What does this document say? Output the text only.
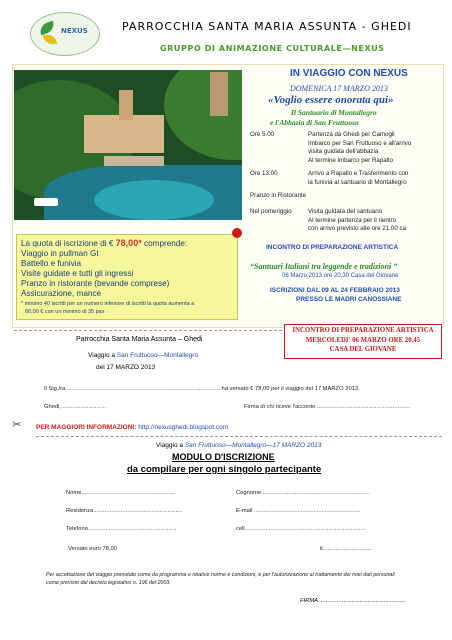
NEXUS	PARROCCHIA SANTA MARIA ASSUNTA - GHEDI
GRUPPO DI ANIMAZIONE CULTURALE—NEXUS
IN VIAGGIO CON NEXUS
DOMENICA 17 MARZO 2013
«Voglio essere onorata qui»
Il Santuario di Montallegro
e l'Abbazia di San Fruttuoso
Ore 5.00	Partenza da Ghedi per Camogli
Imbarco per San Fruttuoso e all'arrivo
visita guidata dell'abbazia
Al termine imbarco per Rapallo
Ore 13.00	Arrivo a Rapallo e Trasferimento con
la funivia al santuario di Montallegro
Pranzo in Ristorante
Nel pomeriggio	Visita guidata del santuario
Al termine partenza per il rientro
con arrivo previsto alle ore 21.00 ca
La quota di iscrizione di € 78,00* comprende:
Viaggio in pullman Gt
Battello e funivia
Visite guidate e tutti gli ingressi
Pranzo in ristorante (bevande comprese)
Assicurazione, mance
* minimo 40 iscritti per un numero inferiore di iscritti la quota aumenta a
60,00 € con un minimo di 35 pax
INCONTRO DI PREPARAZIONE ARTISTICA
“Santuari Italiani tra leggende e tradizioni ”
06 Marzo 2013 ore 20.30 Casa del Giovane
ISCRIZIONI DAL 09 AL 24 FEBBRAIO 2013
PRESSO LE MADRI CANOSSIANE
Parrocchia Santa Maria Assunta – Ghedi
Viaggio a San Fruttuoso—Montallegro
del 17 MARZO 2013
INCONTRO DI PREPARAZIONE ARTISTICA
MERCOLEDI' 06 MARZO ORE 20.45
CASA DEL GIOVANE
Il Sig./ra ............................................................................................... ha versato € 78,00 per il viaggio del 17 MARZO 2013.
Ghedi, ...........................	Firma di chi riceve l'acconto ..........................................................
✂ PER MAGGIORI INFORMAZIONI: http://nexusghedi.blogspot.com
Viaggio a San Fruttuoso—Montallegro—17 MARZO 2013
MODULO D'ISCRIZIONE
da compilare per ogni singolo partecipante
Nome..........................................................	Cognome...................................................................
Residenza.......................................................	E-mail ..................................................................
Telefono.......................................................	cell...........................................................................
Versato euro 78,00	il...............................
Per accettazione del viaggio prenotato come da programma e relative norme e condizioni, e per l'autorizzazione al trattamento dei miei dati personali come previsto dal decreto legislativo n. 196 del 2003.
FIRMA ......................................................
